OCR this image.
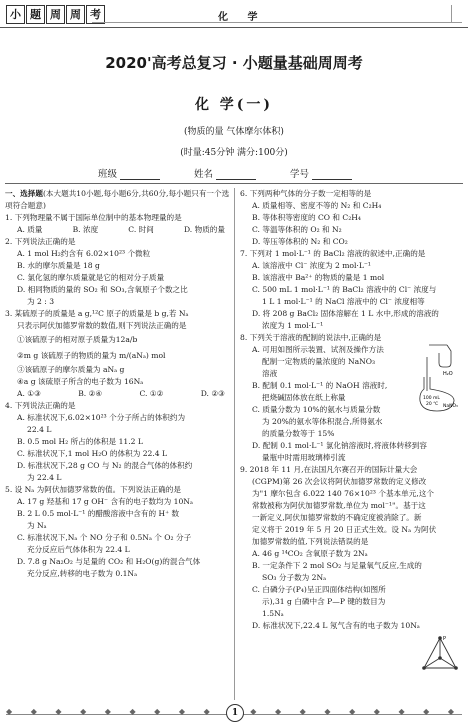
小 题 周 周 考	化 学
2020'高考总复习 · 小题量基础周周考
化 学(一)
(物质的量 气体摩尔体积)
(时量:45分钟 满分:100分)
班级	姓名	学号

一、选择题(本大题共10小题,每小题6分,共60分,每小题只有一个选项符合题意)

1. 下列物理量不属于国际单位制中的基本物理量的是

A. 质量	B. 浓度	C. 时间	D. 物质的量

2. 下列说法正确的是

A. 1 mol H₂约含有 6.02×10²³ 个微粒

B. 水的摩尔质量是 18 g

C. 氯化氢的摩尔质量就是它的相对分子质量

D. 相同物质的量的 SO₂ 和 SO₃,含氧原子个数之比

为 2 : 3

3. 某硫原子的质量是 a g,¹²C 原子的质量是 b g,若 Nₐ

只表示阿伏加德罗常数的数值,则下列说法正确的是

①该硫原子的相对原子质量为12a/b

②m g 该硫原子的物质的量为 m/(aNₐ) mol

③该硫原子的摩尔质量为 aNₐ g

④a g 该硫原子所含的电子数为 16Nₐ

A. ①③	B. ②④	C. ①②	D. ②③

4. 下列说法正确的是

A. 标准状况下,6.02×10²³ 个分子所占的体积约为

22.4 L

B. 0.5 mol H₂ 所占的体积是 11.2 L

C. 标准状况下,1 mol H₂O 的体积为 22.4 L

D. 标准状况下,28 g CO 与 N₂ 的混合气体的体积约

为 22.4 L

5. 设 Nₐ 为阿伏加德罗常数的值。下列说法正确的是

A. 17 g 羟基和 17 g OH⁻ 含有的电子数均为 10Nₐ

B. 2 L 0.5 mol·L⁻¹ 的醋酸溶液中含有的 H⁺ 数

为 Nₐ

C. 标准状况下,Nₐ 个 NO 分子和 0.5Nₐ 个 O₂ 分子

充分反应后气体体积为 22.4 L

D. 7.8 g Na₂O₂ 与足量的 CO₂ 和 H₂O(g)的混合气体

充分反应,转移的电子数为 0.1Nₐ

6. 下列两种气体的分子数一定相等的是

A. 质量相等、密度不等的 N₂ 和 C₂H₄

B. 等体积等密度的 CO 和 C₂H₄

C. 等温等体积的 O₂ 和 N₂

D. 等压等体积的 N₂ 和 CO₂

7. 下列对 1 mol·L⁻¹ 的 BaCl₂ 溶液的叙述中,正确的是

A. 该溶液中 Cl⁻ 浓度为 2 mol·L⁻¹

B. 该溶液中 Ba²⁺ 的物质的量是 1 mol

C. 500 mL 1 mol·L⁻¹ 的 BaCl₂ 溶液中的 Cl⁻ 浓度与

1 L 1 mol·L⁻¹ 的 NaCl 溶液中的 Cl⁻ 浓度相等

D. 将 208 g BaCl₂ 固体溶解在 1 L 水中,形成的溶液的

浓度为 1 mol·L⁻¹

8. 下列关于溶液的配制的说法中,正确的是

A. 可用如图所示装置、试剂及操作方法

配制一定物质的量浓度的 NaNO₃

溶液

B. 配制 0.1 mol·L⁻¹ 的 NaOH 溶液时,

把烧碱固体放在纸上称量

C. 质量分数为 10%的氨水与质量分数

为 20%的氨水等体积混合,所得氨水

的质量分数等于 15%

D. 配制 0.1 mol·L⁻¹ 氯化钠溶液时,将液体转移到容

量瓶中时需用玻璃棒引流

9. 2018 年 11 月,在法国凡尔赛召开的国际计量大会

(CGPM)第 26 次会议将阿伏加德罗常数的定义修改

为"1 摩尔包含 6.022 140 76×10²³ 个基本单元,这个

常数被称为阿伏加德罗常数,单位为 mol⁻¹"。基于这

一新定义,阿伏加德罗常数的不确定度被消除了。新

定义将于 2019 年 5 月 20 日正式生效。设 Nₐ 为阿伏

加德罗常数的值,下列说法错误的是

A. 46 g ¹⁴CO₂ 含氧原子数为 2Nₐ

B. 一定条件下 2 mol SO₂ 与足量氧气反应,生成的

SO₃ 分子数为 2Nₐ

C. 白磷分子(P₄)呈正四面体结构(如图所

示),31 g 白磷中含 P—P 键的数目为

1.5Nₐ

D. 标准状况下,22.4 L 氖气含有的电子数为 10Nₐ

H₂O
100 mL
20 ℃ NaNO₃
P
◆ ◆ ◆ ◆ ◆ ◆ ◆ ◆ ◆	◆ ◆ ◆ ◆ ◆ ◆ ◆ ◆ ◆
1
